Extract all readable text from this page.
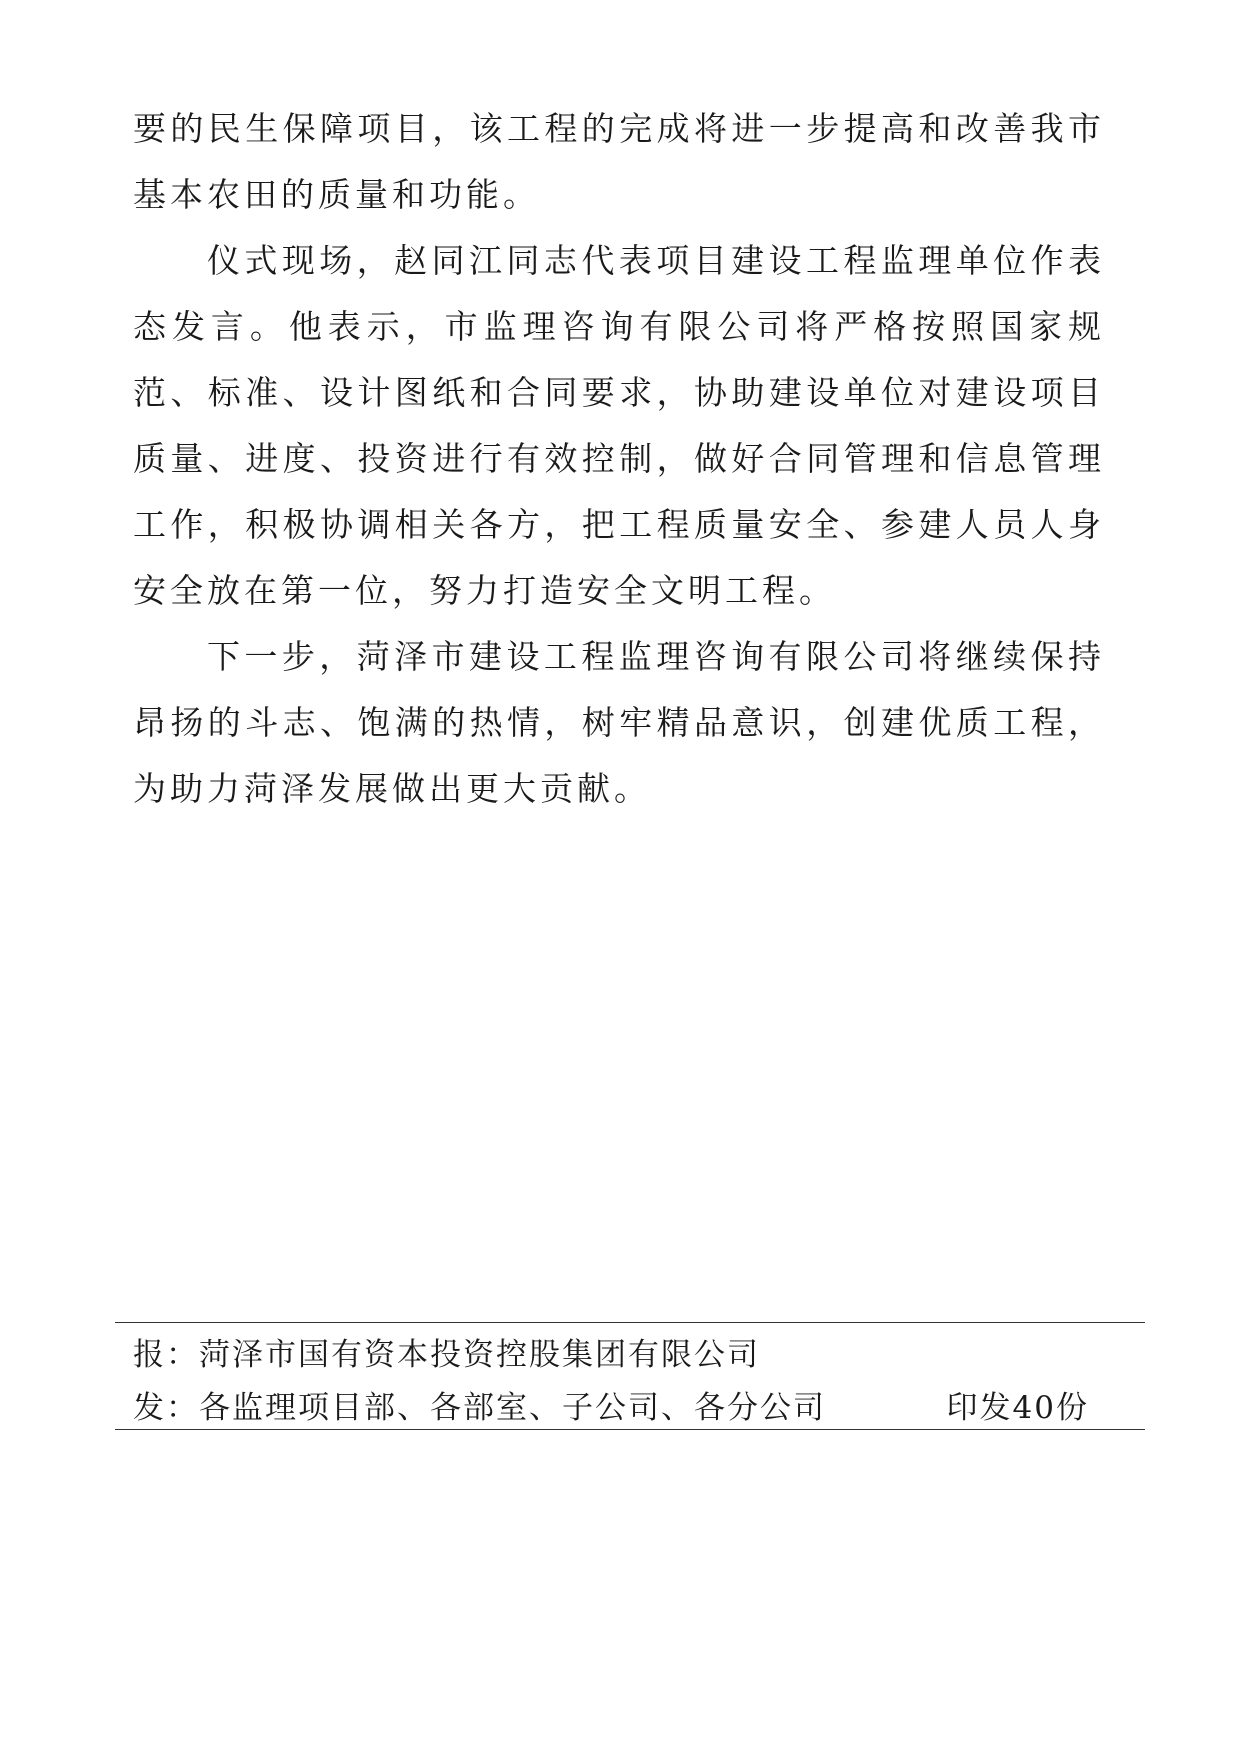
要的民生保障项目，该工程的完成将进一步提高和改善我市基本农田的质量和功能。

仪式现场，赵同江同志代表项目建设工程监理单位作表态发言。他表示，市监理咨询有限公司将严格按照国家规范、标准、设计图纸和合同要求，协助建设单位对建设项目质量、进度、投资进行有效控制，做好合同管理和信息管理工作，积极协调相关各方，把工程质量安全、参建人员人身安全放在第一位，努力打造安全文明工程。

下一步，菏泽市建设工程监理咨询有限公司将继续保持昂扬的斗志、饱满的热情，树牢精品意识，创建优质工程，为助力菏泽发展做出更大贡献。

报： 菏泽市国有资本投资控股集团有限公司
发： 各监理项目部、各部室、子公司、各分公司	印发40份
